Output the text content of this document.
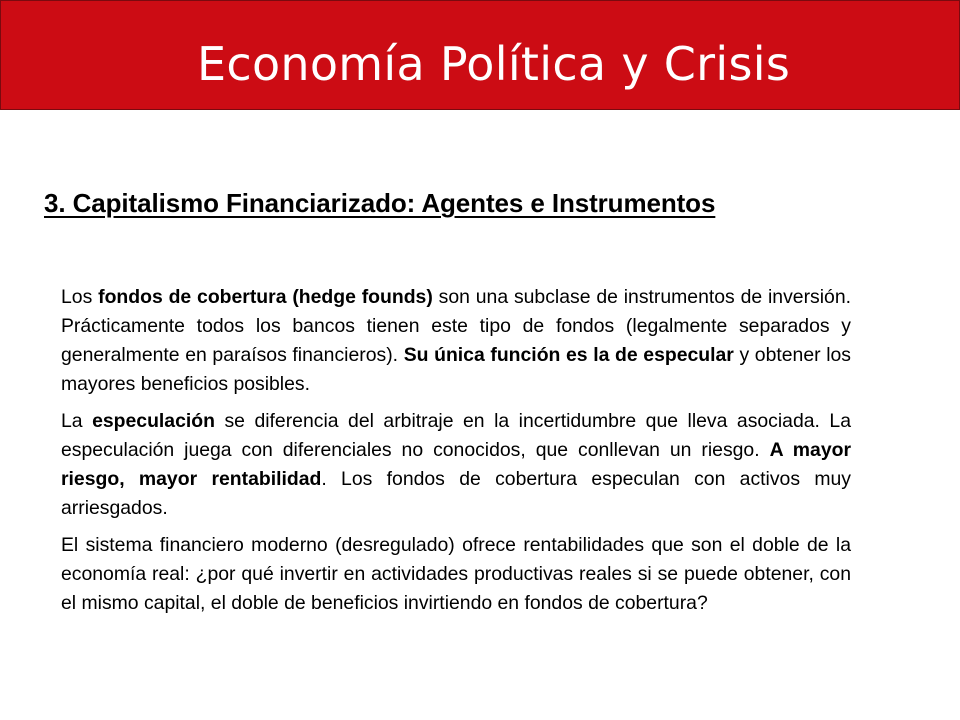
Economía Política y Crisis
3. Capitalismo Financiarizado: Agentes e Instrumentos

Los fondos de cobertura (hedge founds) son una subclase de instrumentos de inversión. Prácticamente todos los bancos tienen este tipo de fondos (legalmente separados y generalmente en paraísos financieros). Su única función es la de especular y obtener los mayores beneficios posibles.

La especulación se diferencia del arbitraje en la incertidumbre que lleva asociada. La especulación juega con diferenciales no conocidos, que conllevan un riesgo. A mayor riesgo, mayor rentabilidad. Los fondos de cobertura especulan con activos muy arriesgados.

El sistema financiero moderno (desregulado) ofrece rentabilidades que son el doble de la economía real: ¿por qué invertir en actividades productivas reales si se puede obtener, con el mismo capital, el doble de beneficios invirtiendo en fondos de cobertura?
